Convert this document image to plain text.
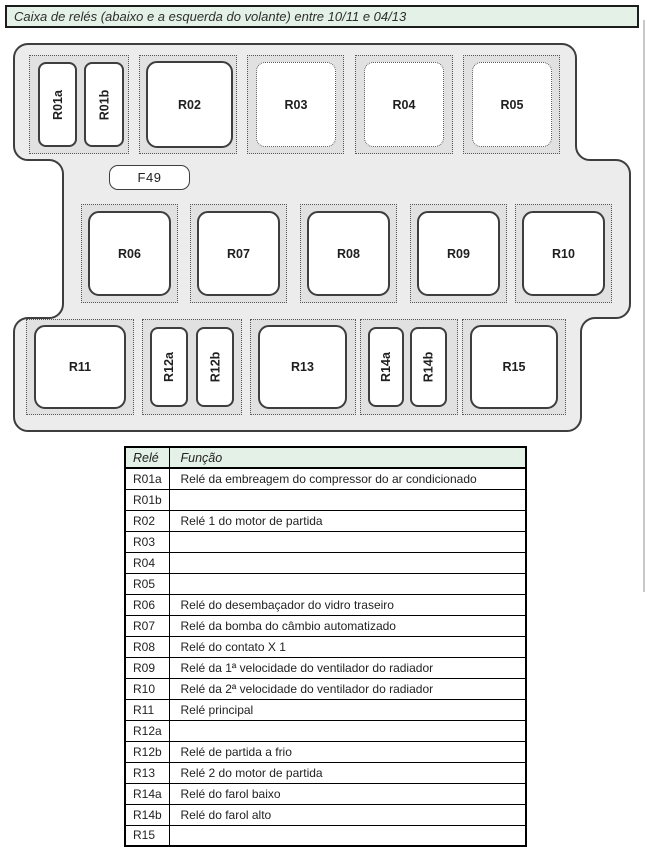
Caixa de relés (abaixo e a esquerda do volante) entre 10/11 e 04/13
R01a	R01b	R02	R03	R04	R05
F49
R06	R07	R08	R09	R10
R11	R12a	R12b	R13	R14a R14b	R15
Relé	Função
R01a	Relé da embreagem do compressor do ar condicionado
R01b	
R02	Relé 1 do motor de partida
R03	
R04	
R05	
R06	Relé do desembaçador do vidro traseiro
R07	Relé da bomba do câmbio automatizado
R08	Relé do contato X 1
R09	Relé da 1ª velocidade do ventilador do radiador
R10	Relé da 2ª velocidade do ventilador do radiador
R11	Relé principal
R12a	
R12b	Relé de partida a frio
R13	Relé 2 do motor de partida
R14a	Relé do farol baixo
R14b	Relé do farol alto
R15	
